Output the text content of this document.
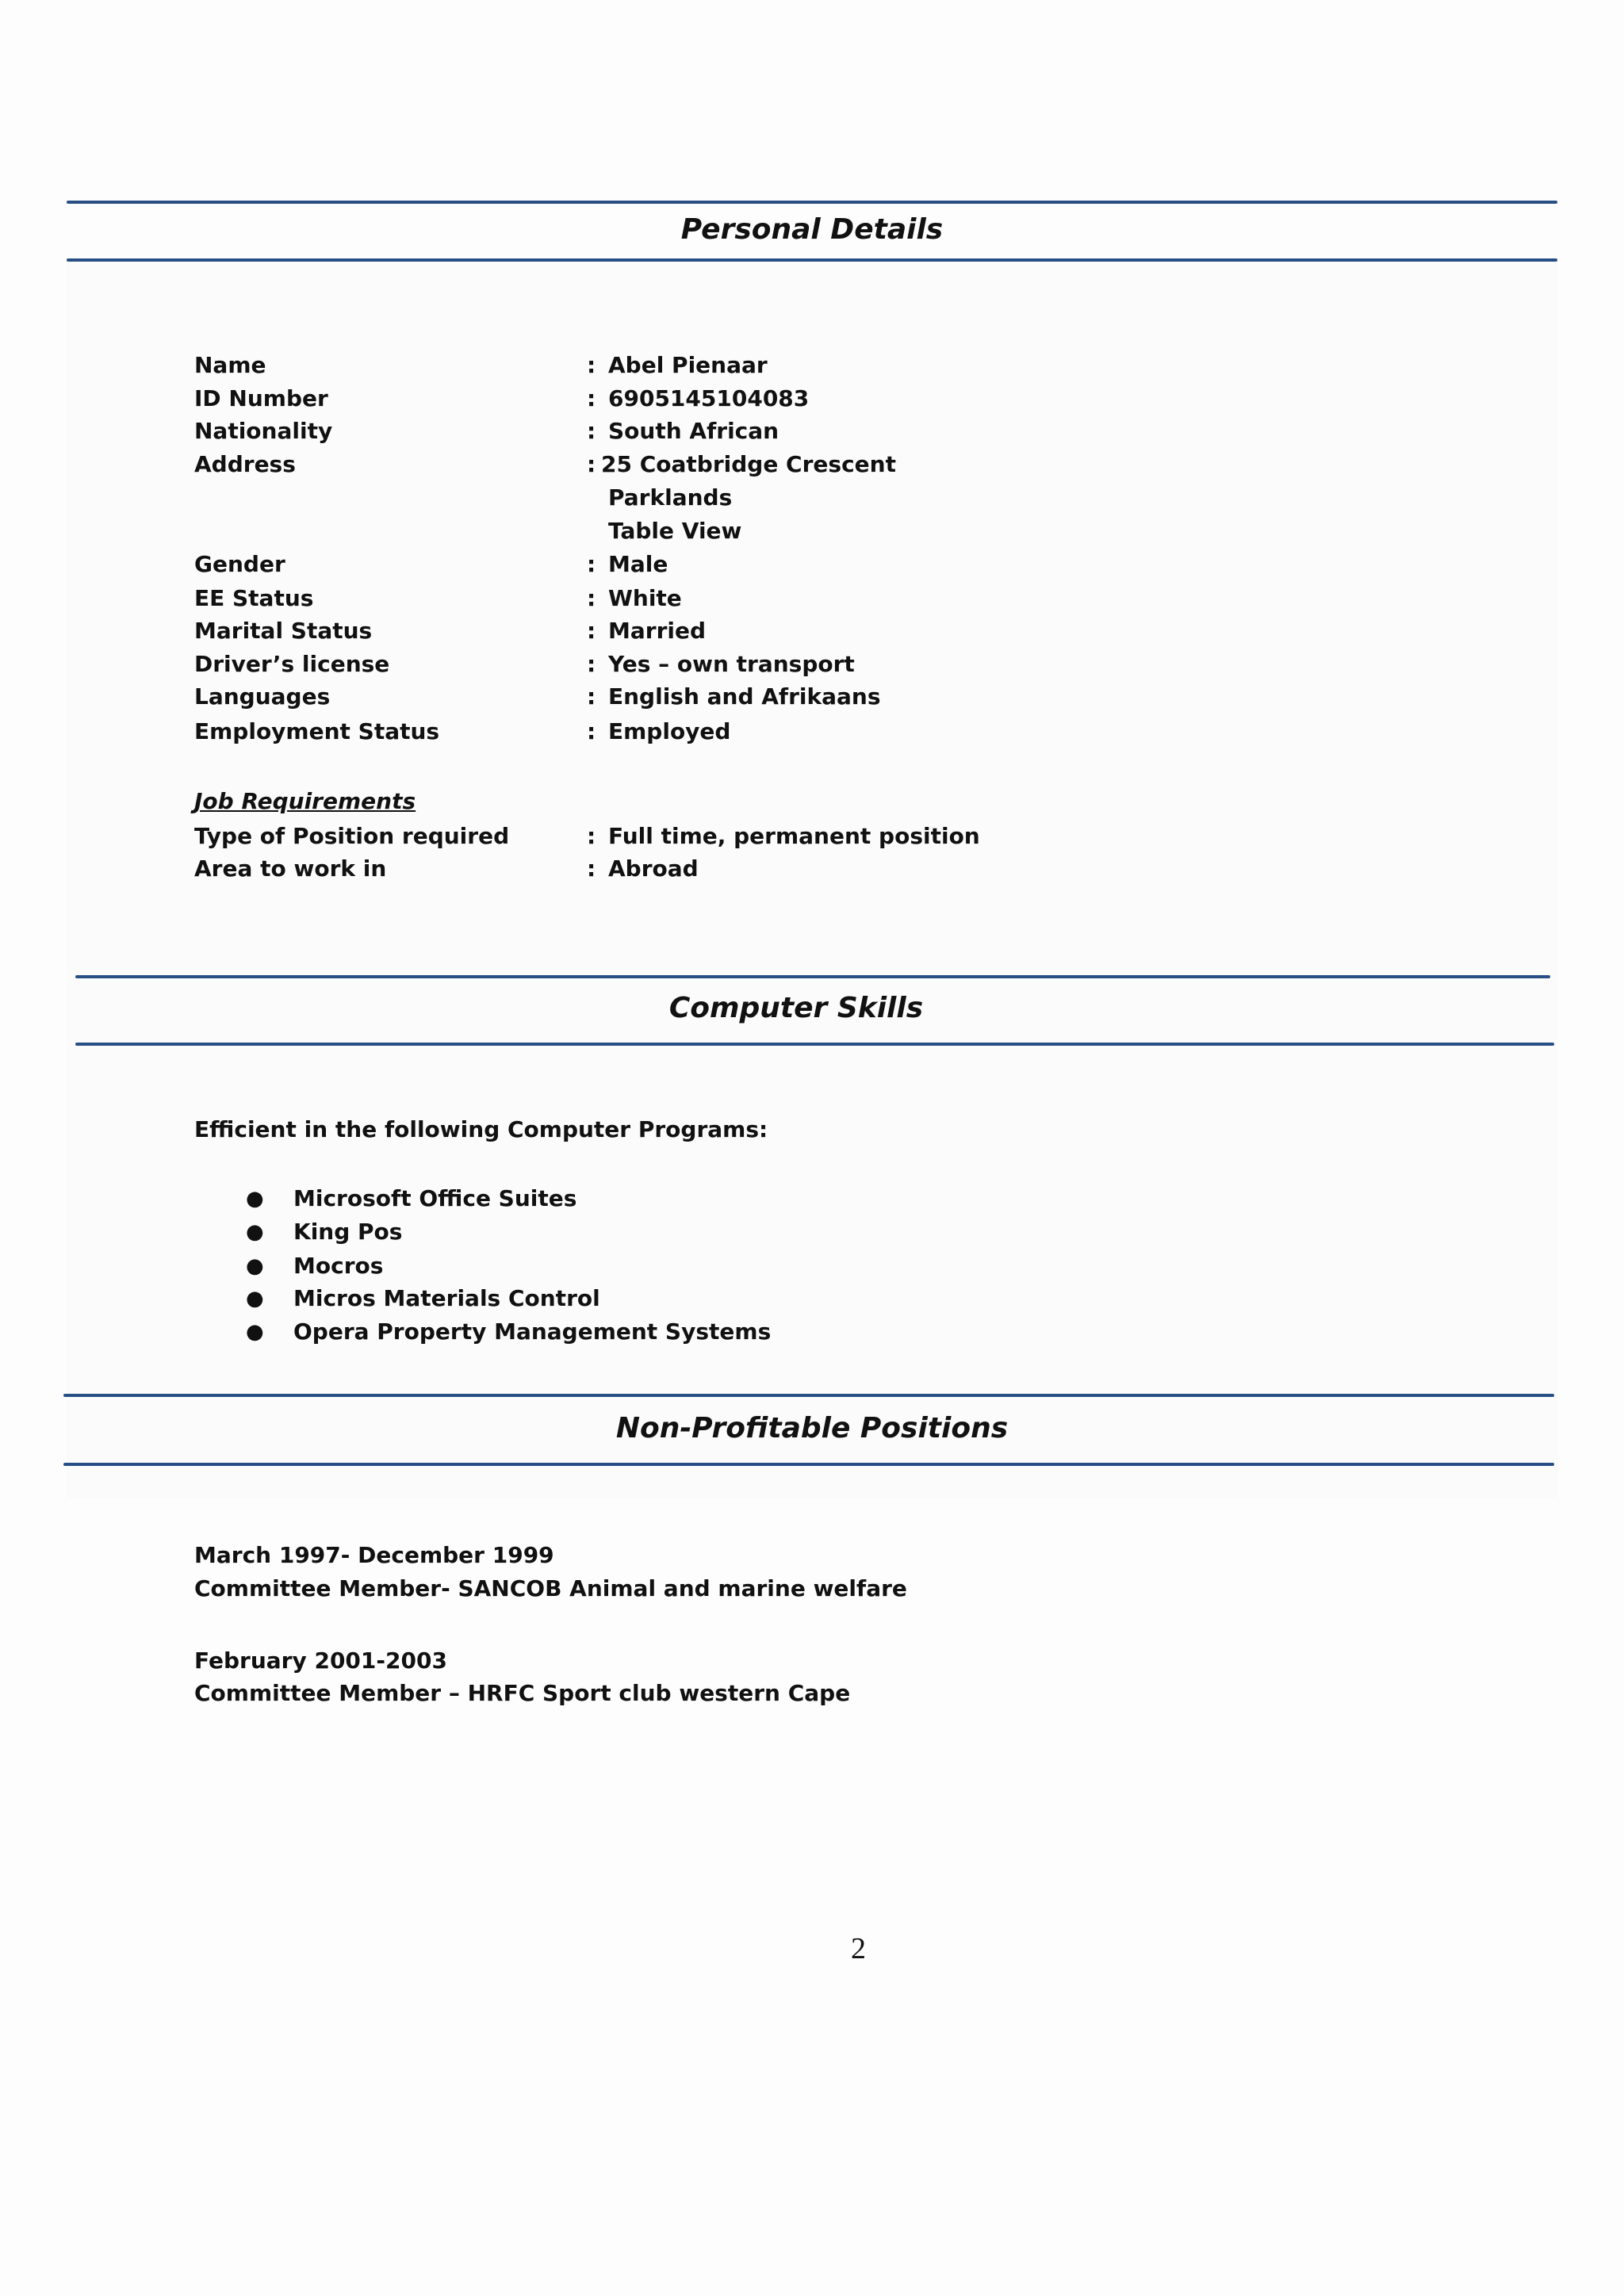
Personal Details
Name	: Abel Pienaar
ID Number	: 6905145104083
Nationality	: South African
Address	: 25 Coatbridge Crescent
Parklands
Table View
Gender	: Male
EE Status	: White
Marital Status	: Married
Driver’s license	: Yes – own transport
Languages	: English and Afrikaans
Employment Status	: Employed
Job Requirements
Type of Position required	: Full time, permanent position
Area to work in	: Abroad
Computer Skills
Efficient in the following Computer Programs:
● Microsoft Office Suites
● King Pos
● Mocros
● Micros Materials Control
● Opera Property Management Systems
Non-Profitable Positions
March 1997- December 1999
Committee Member- SANCOB Animal and marine welfare
February 2001-2003
Committee Member – HRFC Sport club western Cape
2
